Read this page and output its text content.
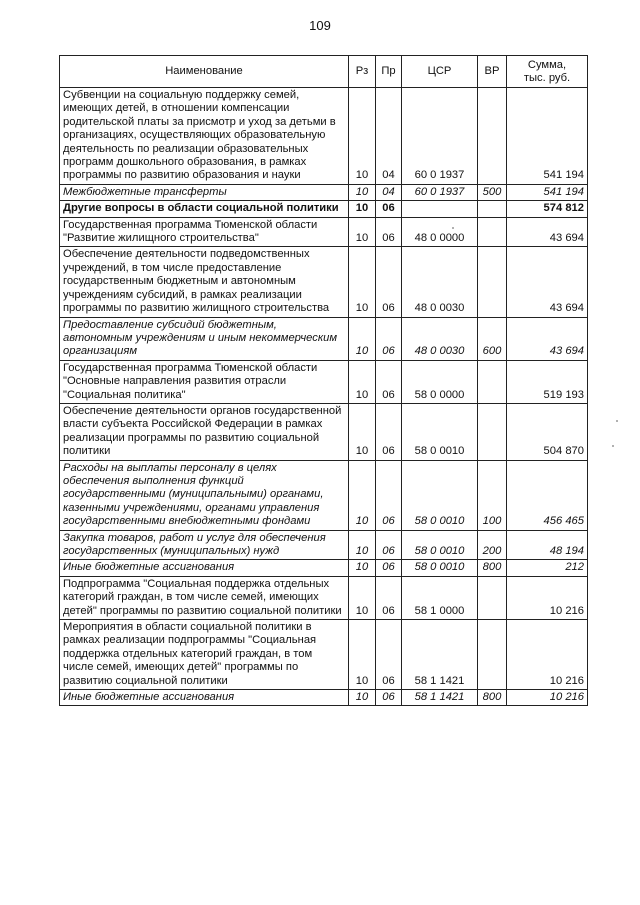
109
Наименование	Рз	Пр	ЦСР	ВР	Сумма,
тыс. руб.
Субвенции на социальную поддержку семей, имеющих детей, в отношении компенсации родительской платы за присмотр и уход за детьми в организациях, осуществляющих образовательную деятельность по реализации образовательных программ дошкольного образования, в рамках программы по развитию образования и науки	10	04	60 0 1937		541 194
Межбюджетные трансферты	10	04	60 0 1937	500	541 194
Другие вопросы в области социальной политики	10	06			574 812
Государственная программа Тюменской области "Развитие жилищного строительства"	10	06	48 0 0000		43 694
Обеспечение деятельности подведомственных учреждений, в том числе предоставление государственным бюджетным и автономным учреждениям субсидий, в рамках реализации программы по развитию жилищного строительства	10	06	48 0 0030		43 694
Предоставление субсидий бюджетным, автономным учреждениям и иным некоммерческим организациям	10	06	48 0 0030	600	43 694
Государственная программа Тюменской области "Основные направления развития отрасли "Социальная политика"	10	06	58 0 0000		519 193
Обеспечение деятельности органов государственной власти субъекта Российской Федерации в рамках реализации программы по развитию социальной политики	10	06	58 0 0010		504 870
Расходы на выплаты персоналу в целях обеспечения выполнения функций государственными (муниципальными) органами, казенными учреждениями, органами управления государственными внебюджетными фондами	10	06	58 0 0010	100	456 465
Закупка товаров, работ и услуг для обеспечения государственных (муниципальных) нужд	10	06	58 0 0010	200	48 194
Иные бюджетные ассигнования	10	06	58 0 0010	800	212
Подпрограмма "Социальная поддержка отдельных категорий граждан, в том числе семей, имеющих детей" программы по развитию социальной политики	10	06	58 1 0000		10 216
Мероприятия в области социальной политики в рамках реализации подпрограммы "Социальная поддержка отдельных категорий граждан, в том числе семей, имеющих детей" программы по развитию социальной политики	10	06	58 1 1421		10 216
Иные бюджетные ассигнования	10	06	58 1 1421	800	10 216
